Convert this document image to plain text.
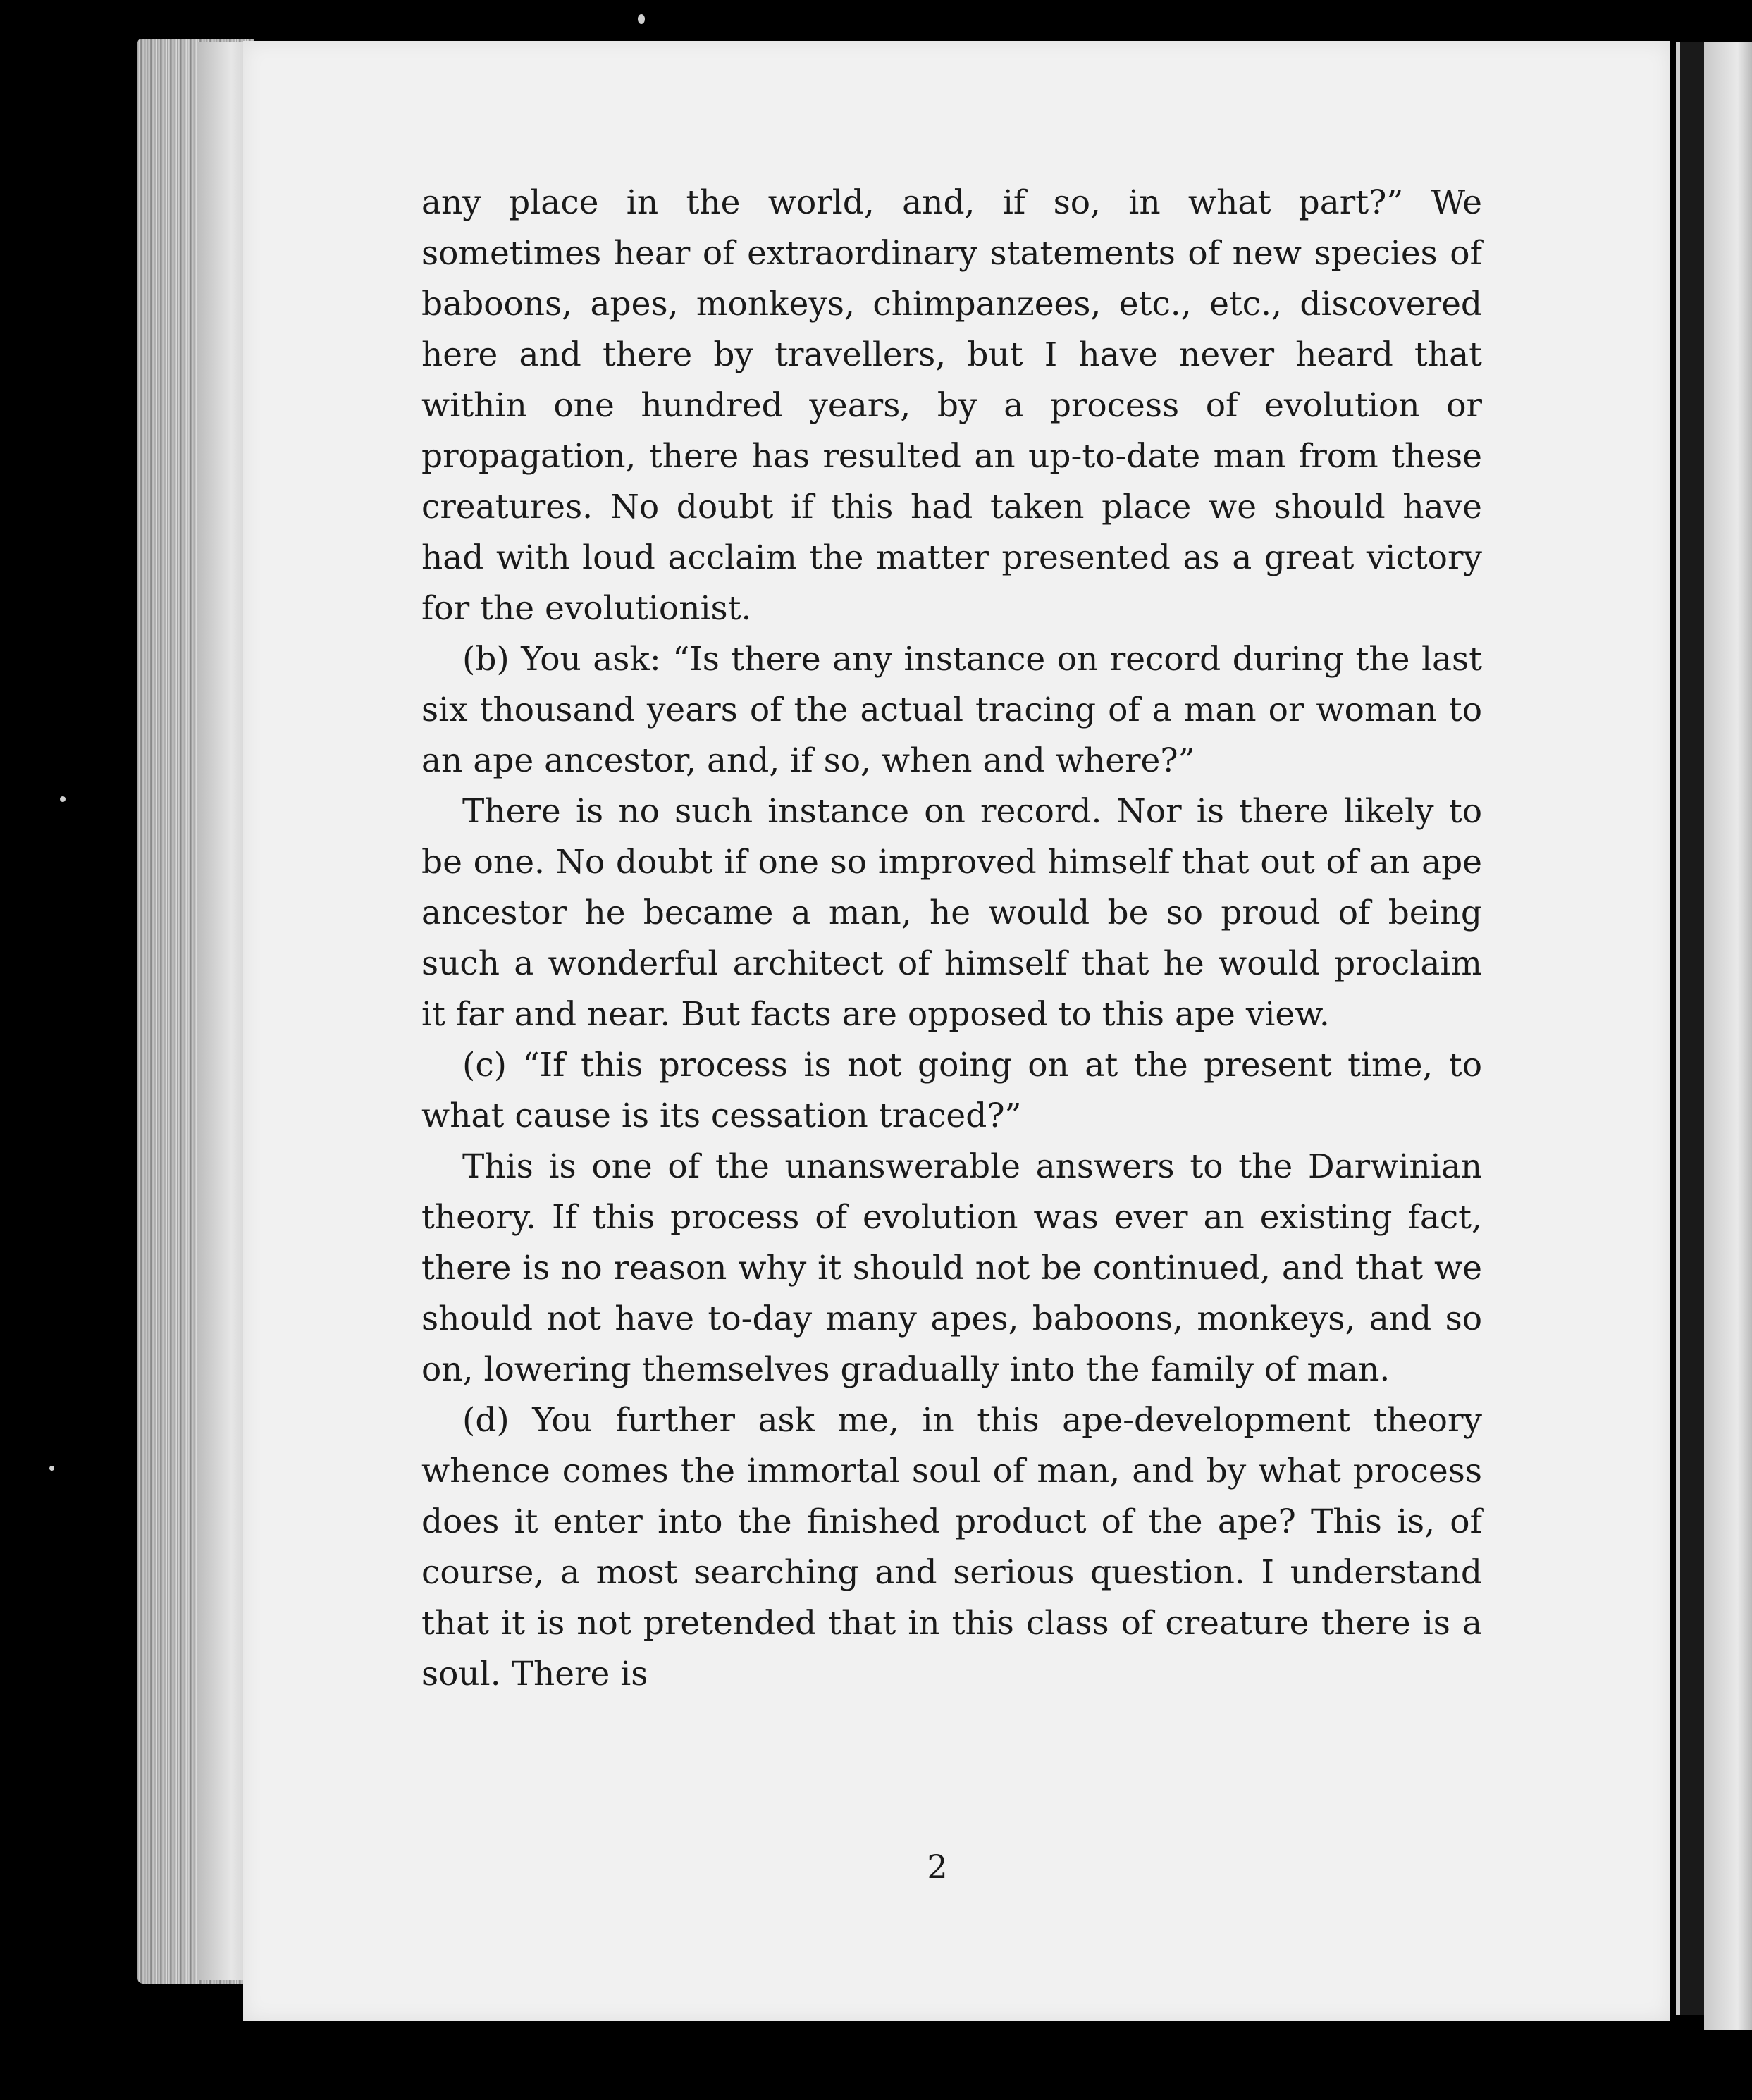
any place in the world, and, if so, in what part?” We sometimes hear of extraordinary statements of new species of baboons, apes, monkeys, chimpanzees, etc., etc., discovered here and there by travellers, but I have never heard that within one hundred years, by a process of evolution or propagation, there has resulted an up-to-date man from these creatures. No doubt if this had taken place we should have had with loud acclaim the matter presented as a great victory for the evolutionist.

(b) You ask: “Is there any instance on record during the last six thousand years of the actual tracing of a man or woman to an ape ancestor, and, if so, when and where?”

There is no such instance on record. Nor is there likely to be one. No doubt if one so improved himself that out of an ape ancestor he became a man, he would be so proud of being such a wonderful architect of himself that he would proclaim it far and near. But facts are opposed to this ape view.

(c) “If this process is not going on at the present time, to what cause is its cessation traced?”

This is one of the unanswerable answers to the Darwinian theory. If this process of evolution was ever an existing fact, there is no reason why it should not be continued, and that we should not have to-day many apes, baboons, monkeys, and so on, lowering themselves gradually into the family of man.

(d) You further ask me, in this ape-development theory whence comes the immortal soul of man, and by what process does it enter into the finished product of the ape? This is, of course, a most searching and serious question. I understand that it is not pretended that in this class of creature there is a soul. There is

2
